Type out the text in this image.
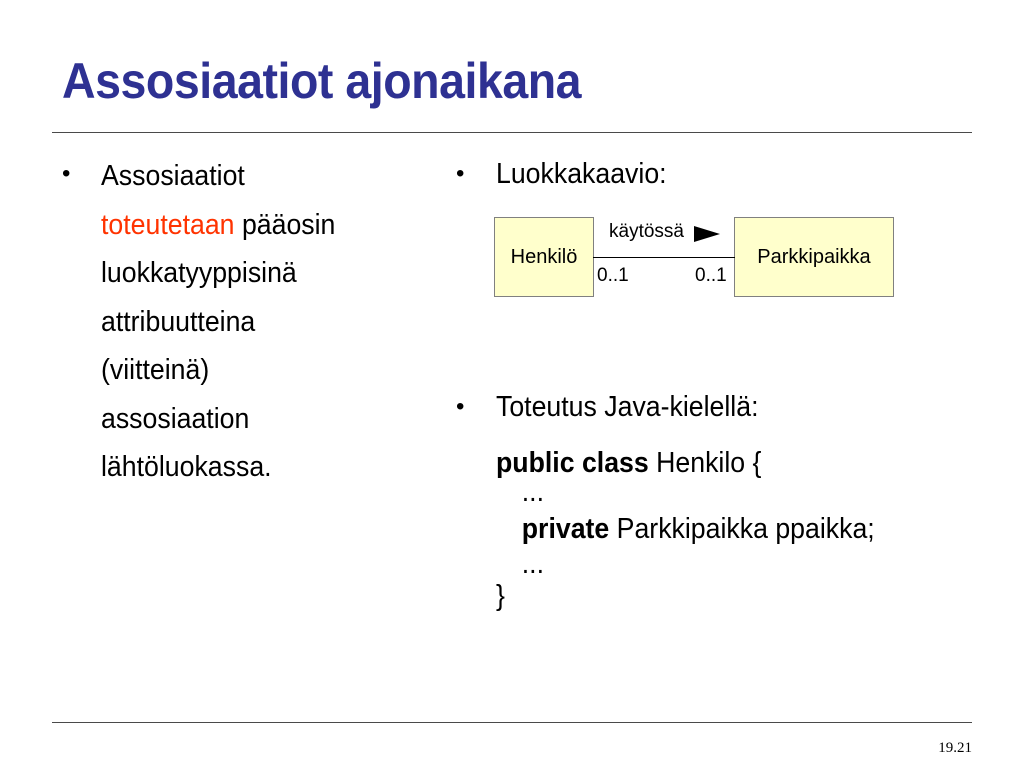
Assosiaatiot ajonaikana
• Assosiaatiot
toteutetaan pääosin
luokkatyyppisinä
attribuutteina
(viitteinä)
assosiaation
lähtöluokassa.
• Luokkakaavio:
Henkilö	Parkkipaikka
käytössä
0..1	0..1
• Toteutus Java-kielellä:
public class Henkilo {
...
private Parkkipaikka ppaikka;
...
}
19.21
